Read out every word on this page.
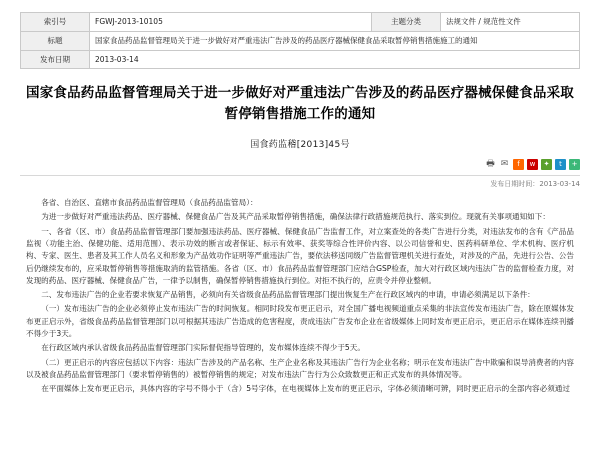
索引号	FGWJ-2013-10105	主题分类	法规文件 / 规范性文件
标题	国家食品药品监督管理局关于进一步做好对严重违法广告涉及的药品医疗器械保健食品采取暂停销售措施施工的通知		
发布日期	2013-03-14		
国家食品药品监督管理局关于进一步做好对严重违法广告涉及的药品医疗器械保健食品采取暂停销售措施工作的通知
国食药监稽[2013]45号
🖶 ✉	f	w	✦	t	+
发布日期时间：2013-03-14

各省、自治区、直辖市食品药品监督管理局（食品药品监管局）：

为进一步做好对严重违法药品、医疗器械、保健食品广告及其产品采取暂停销售措施，确保法律行政措施规范执行、落实到位。现就有关事项通知如下：

一、各省（区、市）食品药品监督管理部门要加强违法药品、医疗器械、保健食品广告监督工作，对立案查处的各类广告进行分类，对违法发布的含有《产品品监视（功能主治、保健功能、适用范围）、表示功效的断言或者保证、标示有效率、获奖等综合性评价内容、以公司信誉和史、医药科研单位、学术机构、医疗机构、专家、医生、患者及其工作人员名义和形象为产品效功作证明等严重违法广告，要依法移送同级广告监督管理机关进行查处，对涉及的产品，先进行公告、公告后仍继续发布的，应采取暂停销售等措施取消的监管措施。各省（区、市）食品药品监督管理部门应结合GSP检查，加大对行政区域内违法广告的监督检查力度，对发现的药品、医疗器械、保健食品广告，一律予以制售，确保暂停销售措施执行到位。对拒不执行的，应责令并停业整顿。

二、发布违法广告的企业若要求恢复产品销售，必须向有关省级食品药品监督管理部门提出恢复生产在行政区域内的申请，申请必须满足以下条件：

（一）发布违法广告的企业必须停止发布违法广告的时间恢复。相同时段发布更正启示，对全国广播电视频道重点采集的非法宣传发布违法广告，除在原媒体发布更正启示外，省级食品药品监督管理部门以可根据其违法广告造成的危害程度，责成违法广告发布企业在省级媒体上同时发布更正启示，更正启示在媒体连续刊播不得少于3天。

在行政区域内承认省级食品药品监督管理部门实际督促指导管理的，发布媒体连续不得少于5天。

（二）更正启示的内容应包括以下内容：违法广告涉及的产品名称、生产企业名称及其违法广告行为企业名称；明示在发布违法广告中欺骗和误导消费者的内容以及被食品药品监督管理部门（要求暂停销售的）被暂停销售的规定；对发布违法广告行为公众致数更正和正式发布的具体情况等。

在平面媒体上发布更正启示，具体内容的字号不得小于（含）5号字体，在电视媒体上发布的更正启示，字体必须清晰可辨，同时更正启示的全部内容必须通过
